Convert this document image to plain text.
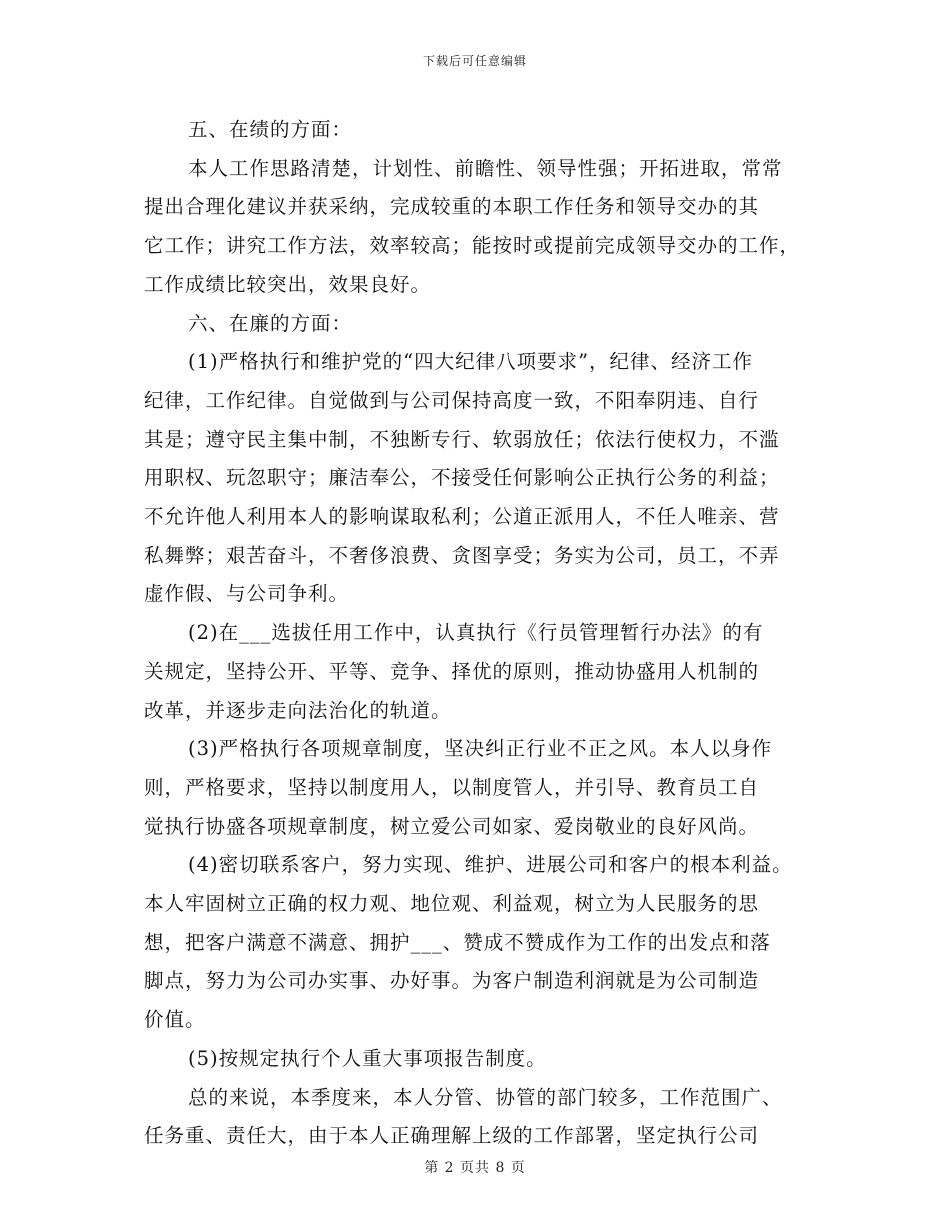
下载后可任意编辑

五、在绩的方面：

本人工作思路清楚，计划性、前瞻性、领导性强；开拓进取，常常
提出合理化建议并获采纳，完成较重的本职工作任务和领导交办的其
它工作；讲究工作方法，效率较高；能按时或提前完成领导交办的工作，
工作成绩比较突出，效果良好。

六、在廉的方面：

(1)严格执行和维护党的“四大纪律八项要求”，纪律、经济工作
纪律，工作纪律。自觉做到与公司保持高度一致，不阳奉阴违、自行
其是；遵守民主集中制，不独断专行、软弱放任；依法行使权力，不滥
用职权、玩忽职守；廉洁奉公，不接受任何影响公正执行公务的利益；
不允许他人利用本人的影响谋取私利；公道正派用人，不任人唯亲、营
私舞弊；艰苦奋斗，不奢侈浪费、贪图享受；务实为公司，员工，不弄
虚作假、与公司争利。

(2)在___选拔任用工作中，认真执行《行员管理暂行办法》的有
关规定，坚持公开、平等、竞争、择优的原则，推动协盛用人机制的
改革，并逐步走向法治化的轨道。

(3)严格执行各项规章制度，坚决纠正行业不正之风。本人以身作
则，严格要求，坚持以制度用人，以制度管人，并引导、教育员工自
觉执行协盛各项规章制度，树立爱公司如家、爱岗敬业的良好风尚。

(4)密切联系客户，努力实现、维护、进展公司和客户的根本利益。
本人牢固树立正确的权力观、地位观、利益观，树立为人民服务的思
想，把客户满意不满意、拥护___、赞成不赞成作为工作的出发点和落
脚点，努力为公司办实事、办好事。为客户制造利润就是为公司制造
价值。

(5)按规定执行个人重大事项报告制度。

总的来说，本季度来，本人分管、协管的部门较多，工作范围广、
任务重、责任大，由于本人正确理解上级的工作部署，坚定执行公司

第 2 页共 8 页
